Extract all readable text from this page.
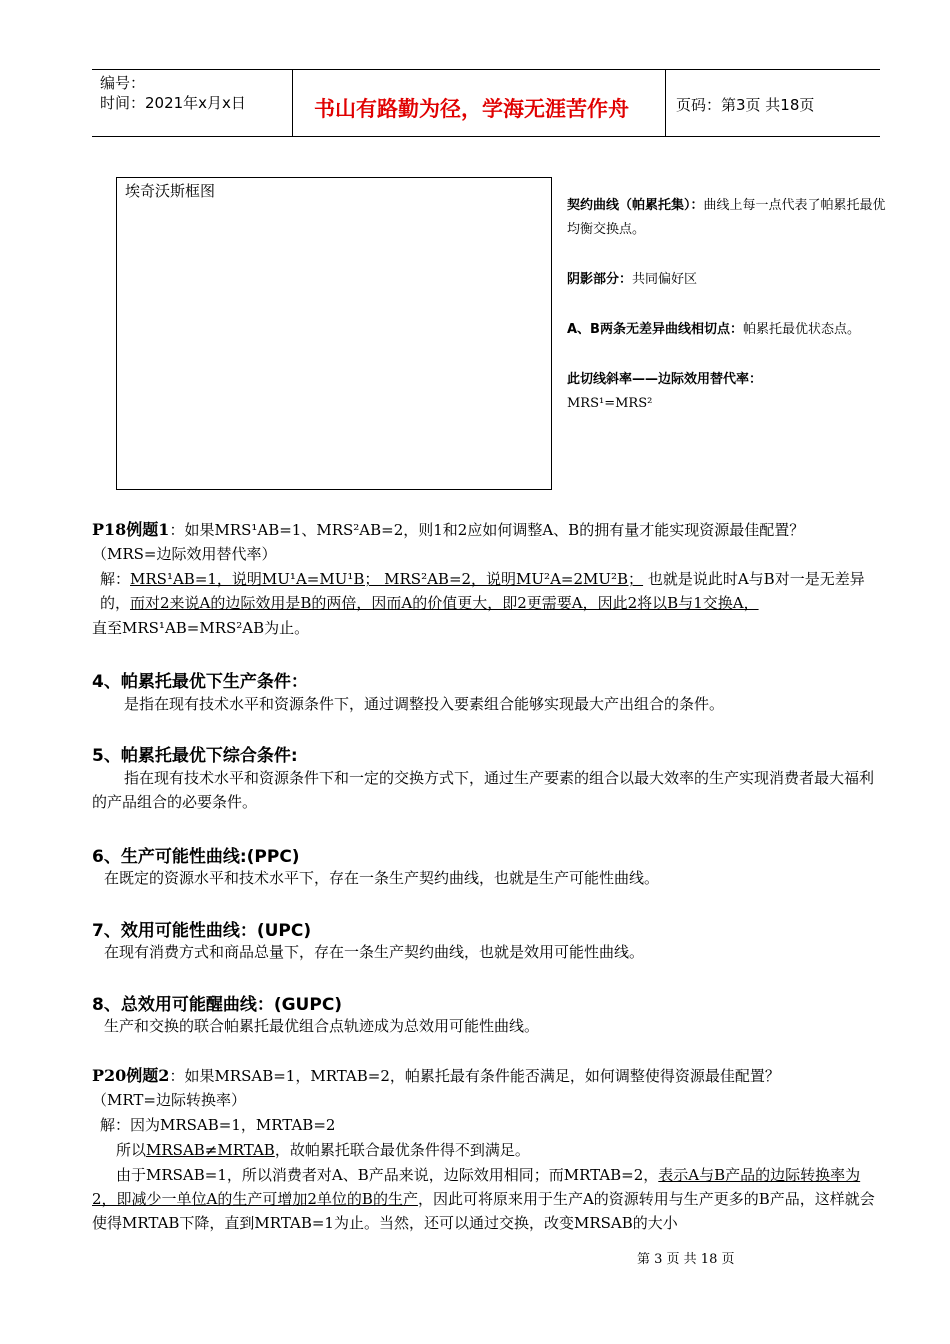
编号：
时间：2021年x月x日	书山有路勤为径，学海无涯苦作舟	页码：第3页 共18页
埃奇沃斯框图
契约曲线（帕累托集）：曲线上每一点代表了帕累托最优均衡交换点。
阴影部分：共同偏好区
A、B两条无差异曲线相切点：帕累托最优状态点。
此切线斜率——边际效用替代率：
MRS¹=MRS²
P18例题1：如果MRS¹AB=1、MRS²AB=2，则1和2应如何调整A、B的拥有量才能实现资源最佳配置？
（MRS=边际效用替代率）
解：MRS¹AB=1，说明MU¹A=MU¹B； MRS²AB=2，说明MU²A=2MU²B； 也就是说此时A与B对一是无差异的，而对2来说A的边际效用是B的两倍，因而A的价值更大，即2更需要A，因此2将以B与1交换A，
直至MRS¹AB=MRS²AB为止。
4、帕累托最优下生产条件：
是指在现有技术水平和资源条件下，通过调整投入要素组合能够实现最大产出组合的条件。
5、帕累托最优下综合条件:
指在现有技术水平和资源条件下和一定的交换方式下，通过生产要素的组合以最大效率的生产实现消费者最大福利的产品组合的必要条件。
6、生产可能性曲线:(PPC)
在既定的资源水平和技术水平下，存在一条生产契约曲线，也就是生产可能性曲线。
7、效用可能性曲线：(UPC)
在现有消费方式和商品总量下，存在一条生产契约曲线，也就是效用可能性曲线。
8、总效用可能醒曲线：(GUPC)
生产和交换的联合帕累托最优组合点轨迹成为总效用可能性曲线。
P20例题2：如果MRSAB=1，MRTAB=2，帕累托最有条件能否满足，如何调整使得资源最佳配置？
（MRT=边际转换率）
解：因为MRSAB=1，MRTAB=2
所以MRSAB≠MRTAB，故帕累托联合最优条件得不到满足。
由于MRSAB=1，所以消费者对A、B产品来说，边际效用相同；而MRTAB=2，表示A与B产品的边际转换率为2，即减少一单位A的生产可增加2单位的B的生产，因此可将原来用于生产A的资源转用与生产更多的B产品，这样就会使得MRTAB下降，直到MRTAB=1为止。当然，还可以通过交换，改变MRSAB的大小
第 3 页 共 18 页
